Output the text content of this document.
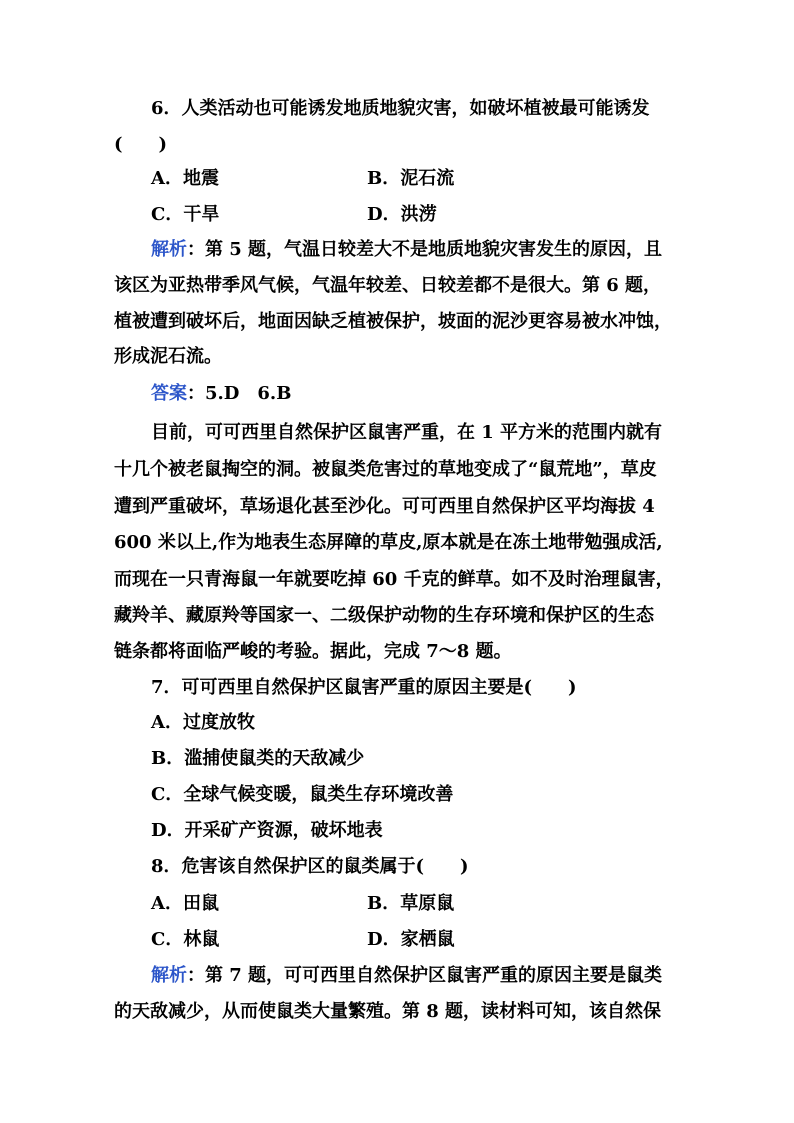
6．人类活动也可能诱发地质地貌灾害，如破坏植被最可能诱发
(　　)
A．地震	B．泥石流
C．干旱	D．洪涝
解析：第 5 题，气温日较差大不是地质地貌灾害发生的原因，且
该区为亚热带季风气候，气温年较差、日较差都不是很大。第 6 题，
植被遭到破坏后，地面因缺乏植被保护，坡面的泥沙更容易被水冲蚀，
形成泥石流。
答案：5.D　6.B
目前，可可西里自然保护区鼠害严重，在 1 平方米的范围内就有
十几个被老鼠掏空的洞。被鼠类危害过的草地变成了“鼠荒地”，草皮
遭到严重破坏，草场退化甚至沙化。可可西里自然保护区平均海拔 4
600 米以上,作为地表生态屏障的草皮,原本就是在冻土地带勉强成活,
而现在一只青海鼠一年就要吃掉 60 千克的鲜草。如不及时治理鼠害，
藏羚羊、藏原羚等国家一、二级保护动物的生存环境和保护区的生态
链条都将面临严峻的考验。据此，完成 7～8 题。
7．可可西里自然保护区鼠害严重的原因主要是(　　)
A．过度放牧
B．滥捕使鼠类的天敌减少
C．全球气候变暖，鼠类生存环境改善
D．开采矿产资源，破坏地表
8．危害该自然保护区的鼠类属于(　　)
A．田鼠	B．草原鼠
C．林鼠	D．家栖鼠
解析：第 7 题，可可西里自然保护区鼠害严重的原因主要是鼠类
的天敌减少，从而使鼠类大量繁殖。第 8 题，读材料可知，该自然保
